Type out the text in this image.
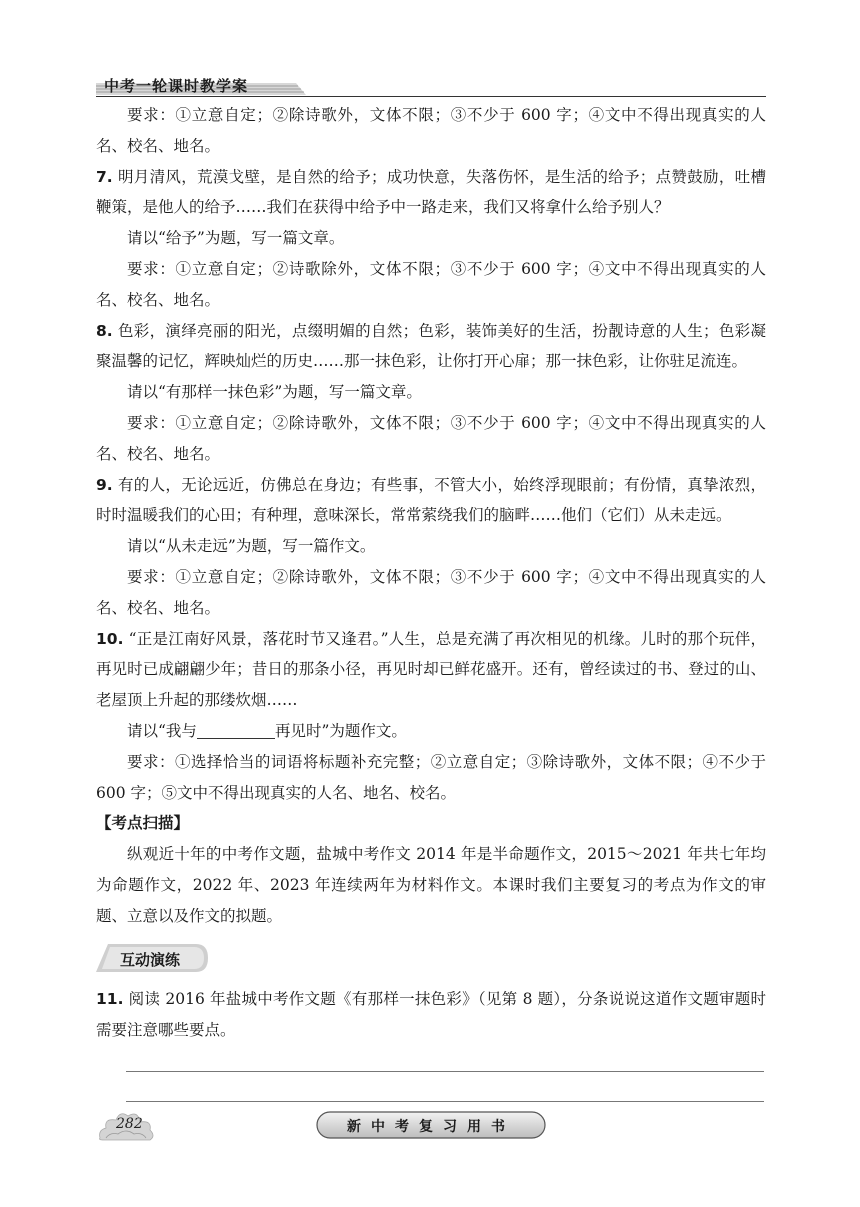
中考一轮课时教学案

要求：①立意自定；②除诗歌外，文体不限；③不少于 600 字；④文中不得出现真实的人名、校名、地名。

7. 明月清风，荒漠戈壁，是自然的给予；成功快意，失落伤怀，是生活的给予；点赞鼓励，吐槽鞭策，是他人的给予……我们在获得中给予中一路走来，我们又将拿什么给予别人？

请以“给予”为题，写一篇文章。

要求：①立意自定；②诗歌除外，文体不限；③不少于 600 字；④文中不得出现真实的人名、校名、地名。

8. 色彩，演绎亮丽的阳光，点缀明媚的自然；色彩，装饰美好的生活，扮靓诗意的人生；色彩凝聚温馨的记忆，辉映灿烂的历史……那一抹色彩，让你打开心扉；那一抹色彩，让你驻足流连。

请以“有那样一抹色彩”为题，写一篇文章。

要求：①立意自定；②除诗歌外，文体不限；③不少于 600 字；④文中不得出现真实的人名、校名、地名。

9. 有的人，无论远近，仿佛总在身边；有些事，不管大小，始终浮现眼前；有份情，真挚浓烈，时时温暖我们的心田；有种理，意味深长，常常萦绕我们的脑畔……他们（它们）从未走远。

请以“从未走远”为题，写一篇作文。

要求：①立意自定；②除诗歌外，文体不限；③不少于 600 字；④文中不得出现真实的人名、校名、地名。

10. “正是江南好风景，落花时节又逢君。”人生，总是充满了再次相见的机缘。儿时的那个玩伴，再见时已成翩翩少年；昔日的那条小径，再见时却已鲜花盛开。还有，曾经读过的书、登过的山、老屋顶上升起的那缕炊烟……

请以“我与	再见时”为题作文。

要求：①选择恰当的词语将标题补充完整；②立意自定；③除诗歌外，文体不限；④不少于 600 字；⑤文中不得出现真实的人名、地名、校名。

【考点扫描】

纵观近十年的中考作文题，盐城中考作文 2014 年是半命题作文，2015～2021 年共七年均为命题作文，2022 年、2023 年连续两年为材料作文。本课时我们主要复习的考点为作文的审题、立意以及作文的拟题。

互动演练

11. 阅读 2016 年盐城中考作文题《有那样一抹色彩》（见第 8 题），分条说说这道作文题审题时需要注意哪些要点。

282	新中考复习用书
